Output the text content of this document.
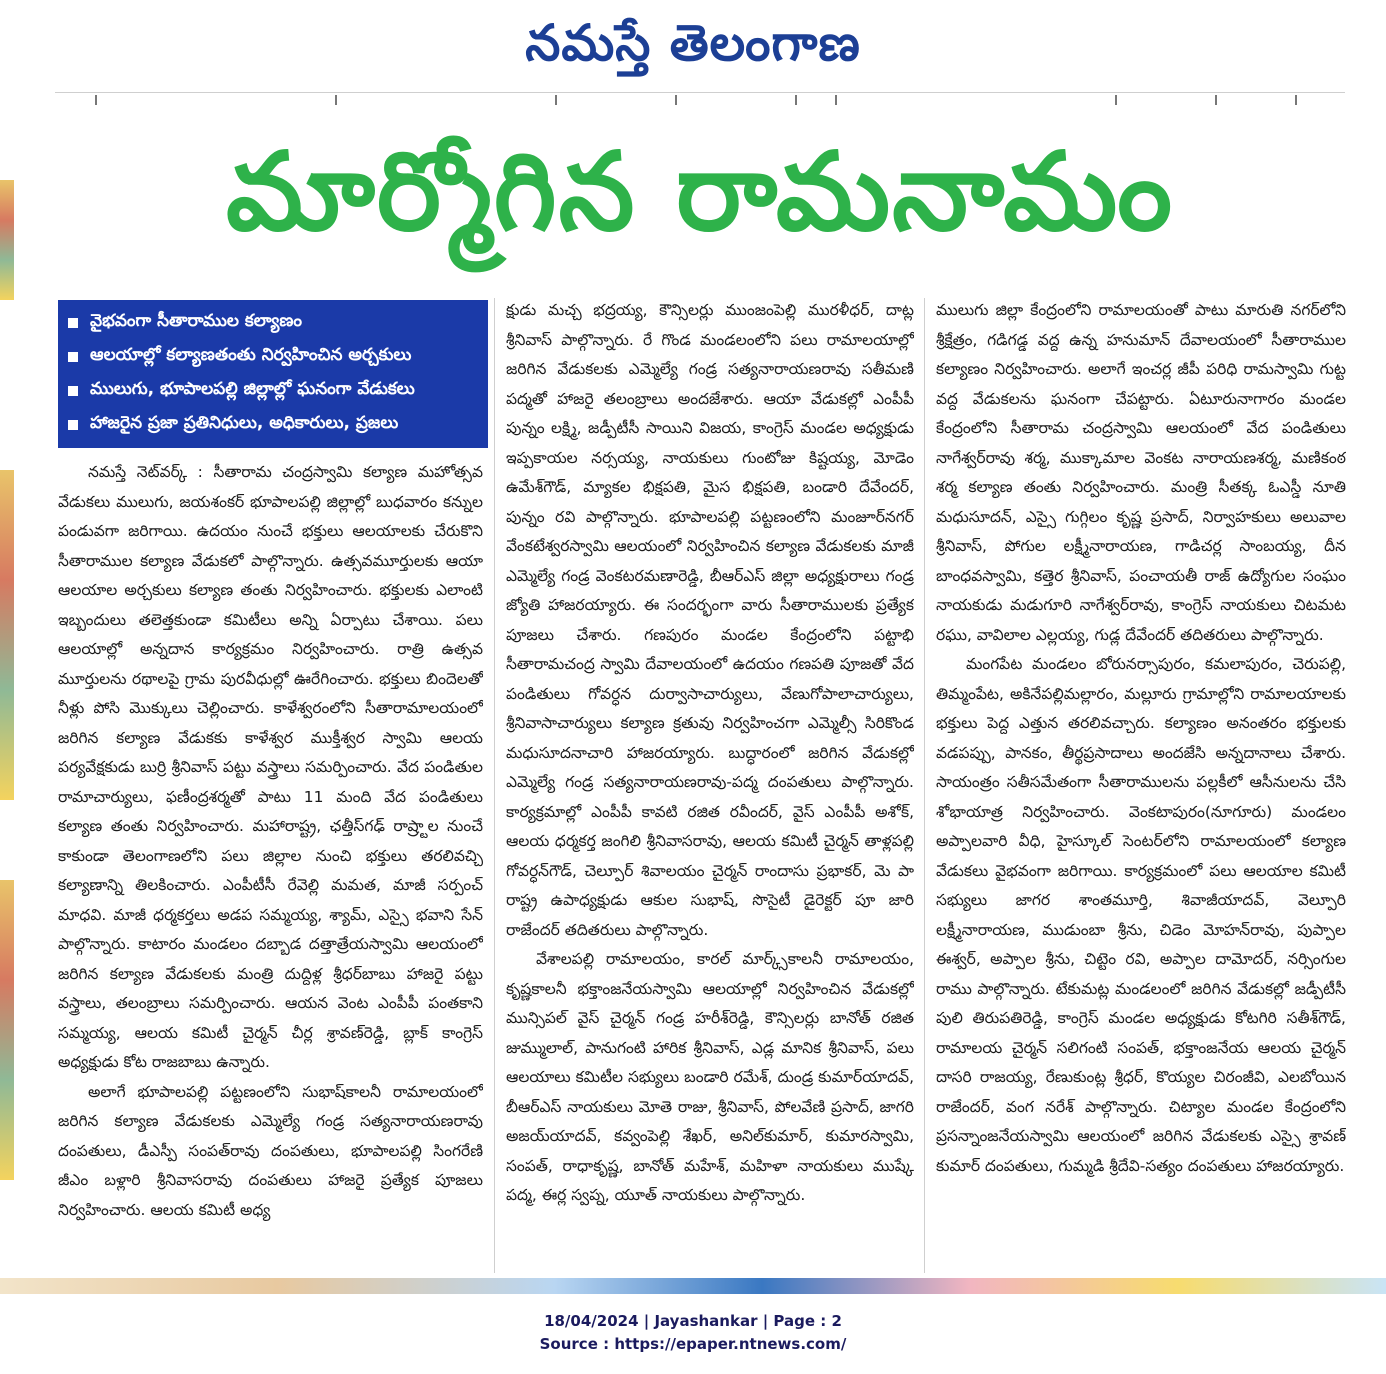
నమస్తే తెలంగాణ
మార్మోగిన రామనామం
వైభవంగా సీతారాముల కల్యాణం
ఆలయాల్లో కల్యాణతంతు నిర్వహించిన అర్చకులు
ములుగు, భూపాలపల్లి జిల్లాల్లో ఘనంగా వేడుకలు
హాజరైన ప్రజా ప్రతినిధులు, అధికారులు, ప్రజలు

నమస్తే నెట్‌వర్క్‌ : సీతారామ చంద్రస్వామి కల్యాణ మహోత్సవ వేడుకలు ములుగు, జయశంకర్‌ భూపాలపల్లి జిల్లాల్లో బుధవారం కన్నుల పండువగా జరిగాయి. ఉదయం నుంచే భక్తులు ఆలయాలకు చేరుకొని సీతారాముల కల్యాణ వేడుకలో పాల్గొన్నారు. ఉత్సవమూర్తులకు ఆయా ఆలయాల అర్చకులు కల్యాణ తంతు నిర్వహించారు. భక్తులకు ఎలాంటి ఇబ్బందులు తలెత్తకుండా కమిటీలు అన్ని ఏర్పాటు చేశాయి. పలు ఆలయాల్లో అన్నదాన కార్యక్రమం నిర్వహించారు. రాత్రి ఉత్సవ మూర్తులను రథాలపై గ్రామ పురవీధుల్లో ఊరేగించారు. భక్తులు బిందెలతో నీళ్లు పోసి మొక్కులు చెల్లించారు. కాళేశ్వరంలోని సీతారామాలయంలో జరిగిన కల్యాణ వేడుకకు కాళేశ్వర ముక్తీశ్వర స్వామి ఆలయ పర్యవేక్షకుడు బుర్రి శ్రీనివాస్‌ పట్టు వస్త్రాలు సమర్పించారు. వేద పండితుల రామాచార్యులు, ఫణీంద్రశర్మతో పాటు 11 మంది వేద పండితులు కల్యాణ తంతు నిర్వహించారు. మహారాష్ట్ర, ఛత్తీస్‌గఢ్‌ రాష్ర్టాల నుంచే కాకుండా తెలంగాణలోని పలు జిల్లాల నుంచి భక్తులు తరలివచ్చి కల్యాణాన్ని తిలకించారు. ఎంపీటీసీ రేవెల్లి మమత, మాజీ సర్పంచ్‌ మాధవి. మాజీ ధర్మకర్తలు అడప సమ్మయ్య, శ్యామ్‌, ఎస్సై భవాని సేన్‌ పాల్గొన్నారు. కాటారం మండలం దబ్బాడ దత్తాత్రేయస్వామి ఆలయంలో జరిగిన కల్యాణ వేడుకలకు మంత్రి దుద్దిళ్ల శ్రీధర్‌బాబు హాజరై పట్టు వస్త్రాలు, తలంబ్రాలు సమర్పించారు. ఆయన వెంట ఎంపీపీ పంతకాని సమ్మయ్య, ఆలయ కమిటీ చైర్మన్‌ చీర్ల శ్రావణ్‌రెడ్డి, బ్లాక్‌ కాంగ్రెస్‌ అధ్యక్షుడు కోట రాజబాబు ఉన్నారు.

అలాగే భూపాలపల్లి పట్టణంలోని సుభాష్‌కాలనీ రామాలయంలో జరిగిన కల్యాణ వేడుకలకు ఎమ్మెల్యే గండ్ర సత్యనారాయణరావు దంపతులు, డీఎస్పీ సంపత్‌రావు దంపతులు, భూపాలపల్లి సింగరేణి జీఎం బళ్లారి శ్రీనివాసరావు దంపతులు హాజరై ప్రత్యేక పూజలు నిర్వహించారు. ఆలయ కమిటీ అధ్య

క్షుడు మచ్చ భద్రయ్య, కౌన్సిలర్లు ముంజంపెల్లి మురళీధర్‌, దాట్ల శ్రీనివాస్‌ పాల్గొన్నారు. రే గొండ మండలంలోని పలు రామాలయాల్లో జరిగిన వేడుకలకు ఎమ్మెల్యే గండ్ర సత్యనారాయణరావు సతీమణి పద్మతో హాజరై తలంబ్రాలు అందజేశారు. ఆయా వేడుకల్లో ఎంపీపీ పున్నం లక్ష్మి, జడ్పీటీసీ సాయిని విజయ, కాంగ్రెస్‌ మండల అధ్యక్షుడు ఇప్పకాయల నర్సయ్య, నాయకులు గుంటోజు కిష్టయ్య, మోడెం ఉమేశ్‌గౌడ్‌, మ్యాకల భిక్షపతి, మైస భిక్షపతి, బండారి దేవేందర్‌, పున్నం రవి పాల్గొన్నారు. భూపాలపల్లి పట్టణంలోని మంజూర్‌నగర్‌ వేంకటేశ్వరస్వామి ఆలయంలో నిర్వహించిన కల్యాణ వేడుకలకు మాజీ ఎమ్మెల్యే గండ్ర వెంకటరమణారెడ్డి, బీఆర్‌ఎస్‌ జిల్లా అధ్యక్షురాలు గండ్ర జ్యోతి హాజరయ్యారు. ఈ సందర్భంగా వారు సీతారాములకు ప్రత్యేక పూజలు చేశారు. గణపురం మండల కేంద్రంలోని పట్టాభి సీతారామచంద్ర స్వామి దేవాలయంలో ఉదయం గణపతి పూజతో వేద పండితులు గోవర్ధన దుర్వాసాచార్యులు, వేణుగోపాలాచార్యులు, శ్రీనివాసాచార్యులు కల్యాణ క్రతువు నిర్వహించగా ఎమ్మెల్సీ సిరికొండ మధుసూదనాచారి హాజరయ్యారు. బుద్ధారంలో జరిగిన వేడుకల్లో ఎమ్మెల్యే గండ్ర సత్యనారాయణరావు-పద్మ దంపతులు పాల్గొన్నారు. కార్యక్రమాల్లో ఎంపీపీ కావటి రజిత రవీందర్‌, వైస్‌ ఎంపీపీ అశోక్‌, ఆలయ ధర్మకర్త జంగిలి శ్రీనివాసరావు, ఆలయ కమిటీ చైర్మన్‌ తాళ్లపల్లి గోవర్ధన్‌గౌడ్‌, చెల్పూర్‌ శివాలయం చైర్మన్‌ రాందాసు ప్రభాకర్‌, మె పా రాష్ట్ర ఉపాధ్యక్షుడు ఆకుల సుభాష్‌, సొసైటీ డైరెక్టర్‌ పూ జారి రాజేందర్‌ తదితరులు పాల్గొన్నారు.

వేశాలపల్లి రామాలయం, కారల్‌ మార్క్స్‌కాలనీ రామాలయం, కృష్ణకాలనీ భక్తాంజనేయస్వామి ఆలయాల్లో నిర్వహించిన వేడుకల్లో మున్సిపల్‌ వైస్‌ చైర్మన్‌ గండ్ర హరీశ్‌రెడ్డి, కౌన్సిలర్లు బానోత్‌ రజిత జుమ్ములాల్‌, పానుగంటి హారిక శ్రీనివాస్‌, ఎడ్ల మానిక శ్రీనివాస్‌, పలు ఆలయాలు కమిటీల సభ్యులు బండారి రమేశ్‌, దుండ్ర కుమార్‌యాదవ్‌, బీఆర్‌ఎస్‌ నాయకులు మోతె రాజు, శ్రీనివాస్‌, పోలవేణి ప్రసాద్‌, జాగరి అజయ్‌యాదవ్‌, కవ్వంపెల్లి శేఖర్‌, అనిల్‌కుమార్‌, కుమారస్వామి, సంపత్‌, రాధాకృష్ణ, బానోత్‌ మహేశ్‌, మహిళా నాయకులు ముష్కే పద్మ, ఈర్ల స్వప్న, యూత్‌ నాయకులు పాల్గొన్నారు.

ములుగు జిల్లా కేంద్రంలోని రామాలయంతో పాటు మారుతి నగర్‌లోని శ్రీక్షేత్రం, గడిగడ్డ వద్ద ఉన్న హనుమాన్‌ దేవాలయంలో సీతారాముల కల్యాణం నిర్వహించారు. అలాగే ఇంచర్ల జీపీ పరిధి రామస్వామి గుట్ట వద్ద వేడుకలను ఘనంగా చేపట్టారు. ఏటూరునాగారం మండల కేంద్రంలోని సీతారామ చంద్రస్వామి ఆలయంలో వేద పండితులు నాగేశ్వర్‌రావు శర్మ, ముక్కామాల వెంకట నారాయణశర్మ, మణికంఠ శర్మ కల్యాణ తంతు నిర్వహించారు. మంత్రి సీతక్క ఓఎస్డీ నూతి మధుసూదన్‌, ఎస్సై గుగ్గిలం కృష్ణ ప్రసాద్‌, నిర్వాహకులు అలువాల శ్రీనివాస్‌, పోగుల లక్ష్మీనారాయణ, గాడిచర్ల సాంబయ్య, దీన బాంధవస్వామి, కత్తెర శ్రీనివాస్‌, పంచాయతీ రాజ్‌ ఉద్యోగుల సంఘం నాయకుడు మడుగూరి నాగేశ్వర్‌రావు, కాంగ్రెస్‌ నాయకులు చిటమట రఘు, వావిలాల ఎల్లయ్య, గుడ్ల దేవేందర్‌ తదితరులు పాల్గొన్నారు.

మంగపేట మండలం బోరునర్సాపురం, కమలాపురం, చెరుపల్లి, తిమ్మంపేట, అకినేపల్లిమల్లారం, మల్లూరు గ్రామాల్లోని రామాలయాలకు భక్తులు పెద్ద ఎత్తున తరలివచ్చారు. కల్యాణం అనంతరం భక్తులకు వడపప్పు, పానకం, తీర్థప్రసాదాలు అందజేసి అన్నదానాలు చేశారు. సాయంత్రం సతీసమేతంగా సీతారాములను పల్లకీలో ఆసీనులను చేసి శోభాయాత్ర నిర్వహించారు. వెంకటాపురం(నూగూరు) మండలం అప్పాలవారి వీధి, హైస్కూల్‌ సెంటర్‌లోని రామాలయంలో కల్యాణ వేడుకలు వైభవంగా జరిగాయి. కార్యక్రమంలో పలు ఆలయాల కమిటీ సభ్యులు జాగర శాంతమూర్తి, శివాజీయాదవ్‌, వెల్పూరి లక్ష్మీనారాయణ, ముడుంబా శ్రీను, చిడెం మోహన్‌రావు, పుప్పాల ఈశ్వర్‌, అప్పాల శ్రీను, చిట్టెం రవి, అప్పాల దామోదర్‌, నర్సింగుల రాము పాల్గొన్నారు. టేకుమట్ల మండలంలో జరిగిన వేడుకల్లో జడ్పీటీసీ పులి తిరుపతిరెడ్డి, కాంగ్రెస్‌ మండల అధ్యక్షుడు కోటగిరి సతీశ్‌గౌడ్‌, రామాలయ చైర్మన్‌ సలిగంటి సంపత్‌, భక్తాంజనేయ ఆలయ చైర్మన్‌ దాసరి రాజయ్య, రేణుకుంట్ల శ్రీధర్‌, కొయ్యల చిరంజీవి, ఎలబోయిన రాజేందర్‌, వంగ నరేశ్‌ పాల్గొన్నారు. చిట్యాల మండల కేంద్రంలోని ప్రసన్నాంజనేయస్వామి ఆలయంలో జరిగిన వేడుకలకు ఎస్సై శ్రావణ్‌ కుమార్‌ దంపతులు, గుమ్మడి శ్రీదేవి-సత్యం దంపతులు హాజరయ్యారు.

18/04/2024 | Jayashankar | Page : 2
Source : https://epaper.ntnews.com/
